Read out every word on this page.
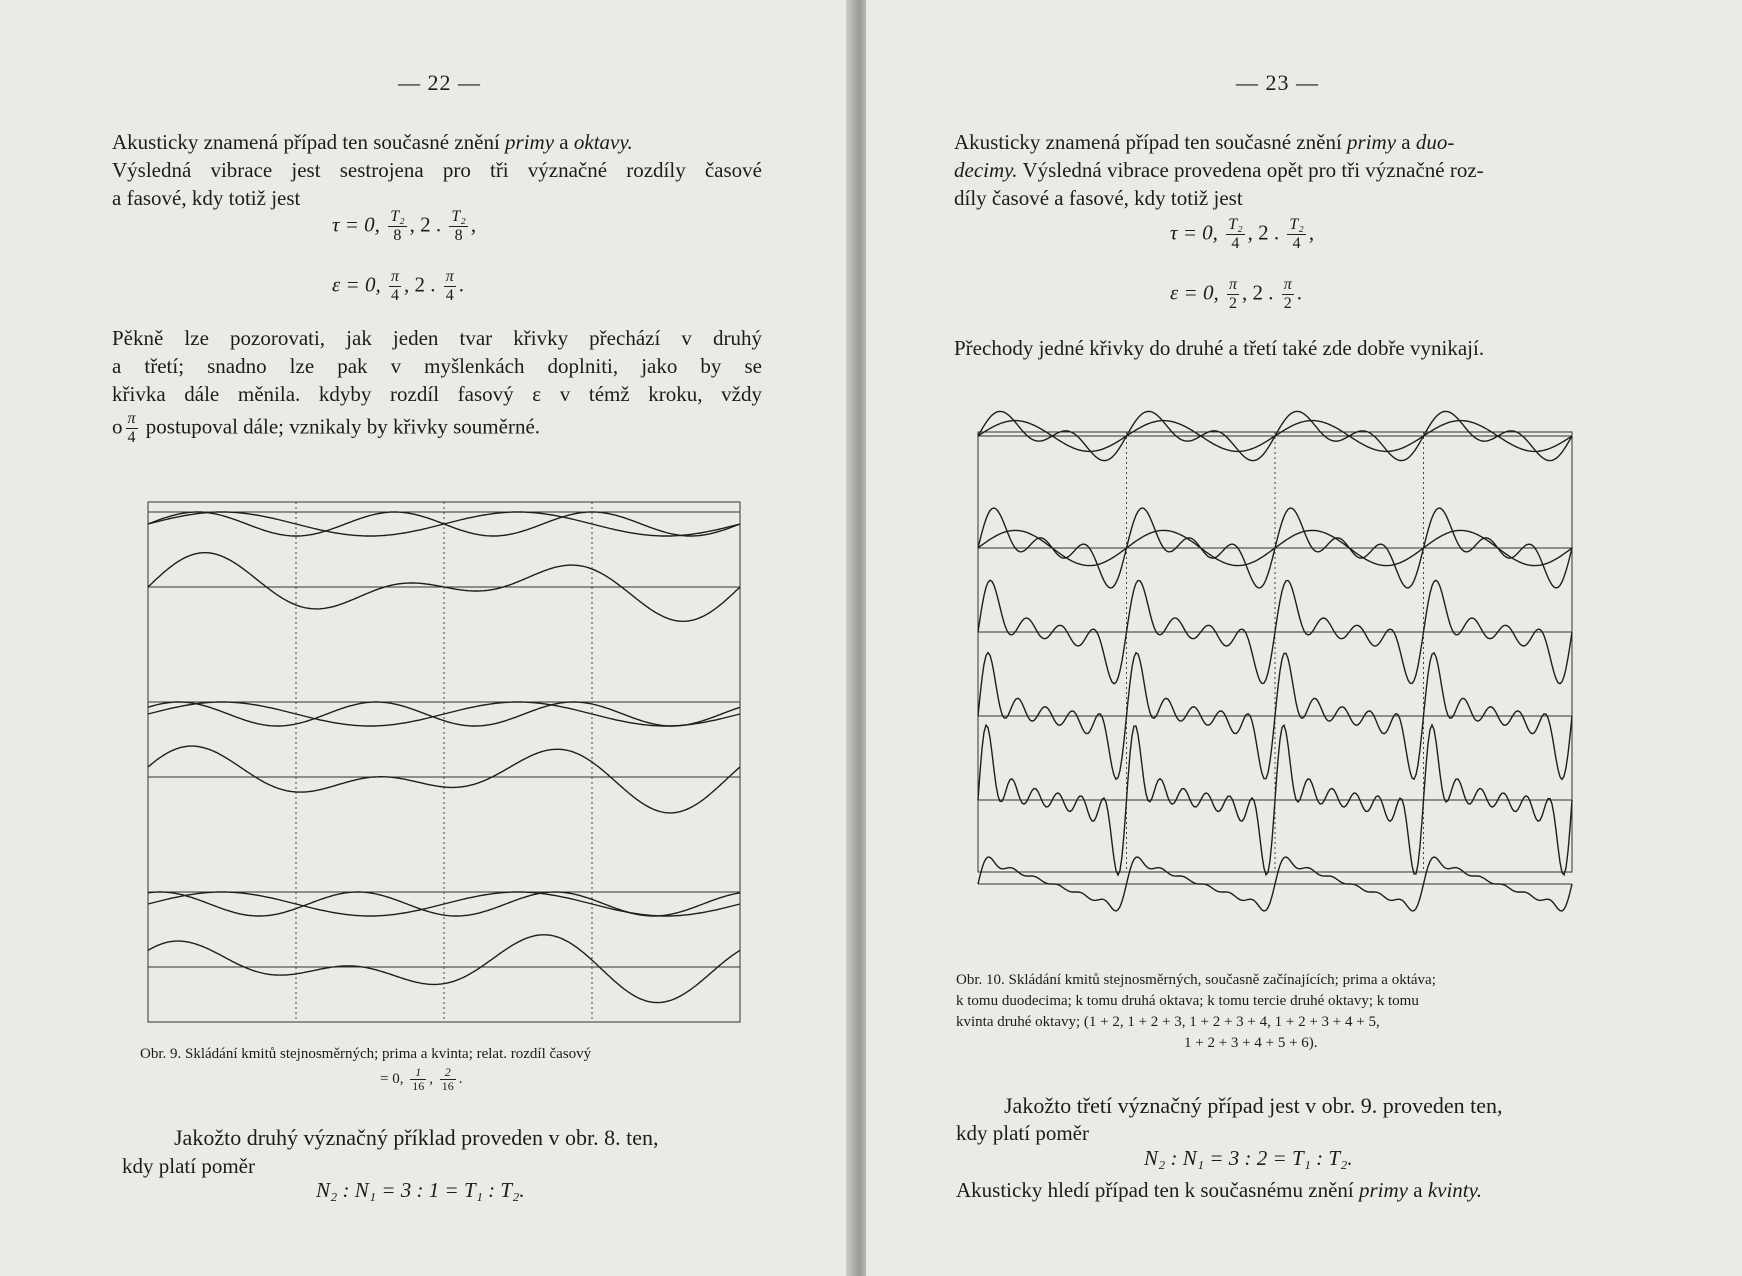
— 22 —
Akusticky znamená případ ten současné znění primy a oktavy.
Výsledná vibrace jest sestrojena pro tři význačné rozdíly časové
a fasové, kdy totiž jest
τ = 0, $\frac{\text{T₂}}{8}$ , 2 . $\frac{\text{T₂}}{8}$ ,
ε = 0, $\frac{\pi}{4}$ , 2 . $\frac{\pi}{4}$ .
Pěkně lze pozorovati, jak jeden tvar křivky přechází v druhý
a třetí; snadno lze pak v myšlenkách doplniti, jako by se
křivka dále měnila. kdyby rozdíl fasový ε v témž kroku, vždy
o $\frac{\pi}{4}$ postupoval dále; vznikaly by křivky souměrné.
Obr. 9. Skládání kmitů stejnosměrných; prima a kvinta; relat. rozdíl časový
= 0, $\frac{1}{16}$ , $\frac{2}{16}$ .
Jakožto druhý význačný příklad proveden v obr. 8. ten,
kdy platí poměr
N₂ : N₁ = 3 : 1 = T₁ : T₂.
— 23 —
Akusticky znamená případ ten současné znění primy a duo-
decimy. Výsledná vibrace provedena opět pro tři význačné roz-
díly časové a fasové, kdy totiž jest
τ = 0, $\frac{\text{T₂}}{4}$ , 2 . $\frac{\text{T₂}}{4}$ ,
ε = 0, $\frac{\pi}{2}$ , 2 . $\frac{\pi}{2}$ .
Přechody jedné křivky do druhé a třetí také zde dobře vynikají.
Obr. 10. Skládání kmitů stejnosměrných, současně začínajících; prima a oktáva;
k tomu duodecima; k tomu druhá oktava; k tomu tercie druhé oktavy; k tomu
kvinta druhé oktavy; (1 + 2, 1 + 2 + 3, 1 + 2 + 3 + 4, 1 + 2 + 3 + 4 + 5,
1 + 2 + 3 + 4 + 5 + 6).
Jakožto třetí význačný případ jest v obr. 9. proveden ten,
kdy platí poměr
N₂ : N₁ = 3 : 2 = T₁ : T₂.
Akusticky hledí případ ten k současnému znění primy a kvinty.
